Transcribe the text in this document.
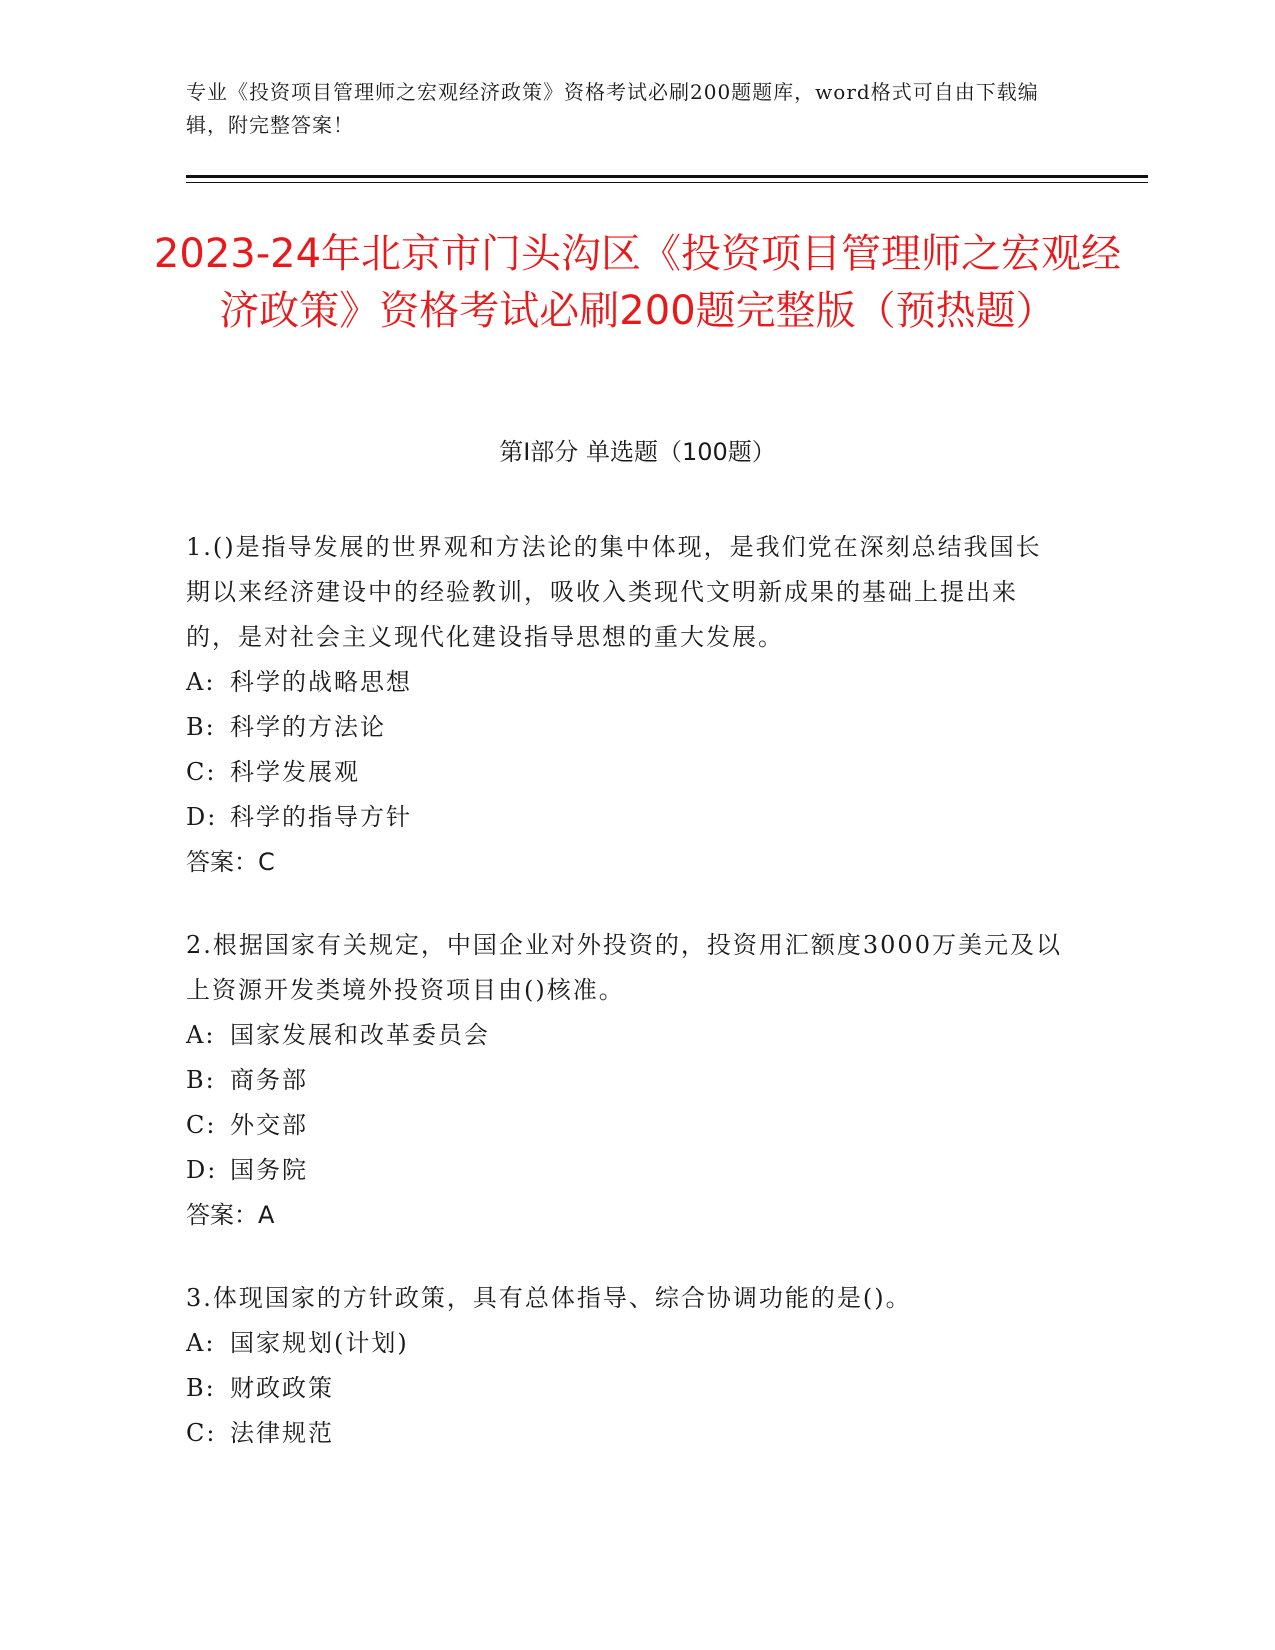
专业《投资项目管理师之宏观经济政策》资格考试必刷200题题库，word格式可自由下载编辑，附完整答案！
2023-24年北京市门头沟区《投资项目管理师之宏观经济政策》资格考试必刷200题完整版（预热题）
第Ⅰ部分 单选题（100题）

1.()是指导发展的世界观和方法论的集中体现，是我们党在深刻总结我国长期以来经济建设中的经验教训，吸收入类现代文明新成果的基础上提出来的，是对社会主义现代化建设指导思想的重大发展。

A: 科学的战略思想

B: 科学的方法论

C: 科学发展观

D: 科学的指导方针

答案：C

2.根据国家有关规定，中国企业对外投资的，投资用汇额度3000万美元及以上资源开发类境外投资项目由()核准。

A: 国家发展和改革委员会

B: 商务部

C: 外交部

D: 国务院

答案：A

3.体现国家的方针政策，具有总体指导、综合协调功能的是()。

A: 国家规划(计划)

B: 财政政策

C: 法律规范
